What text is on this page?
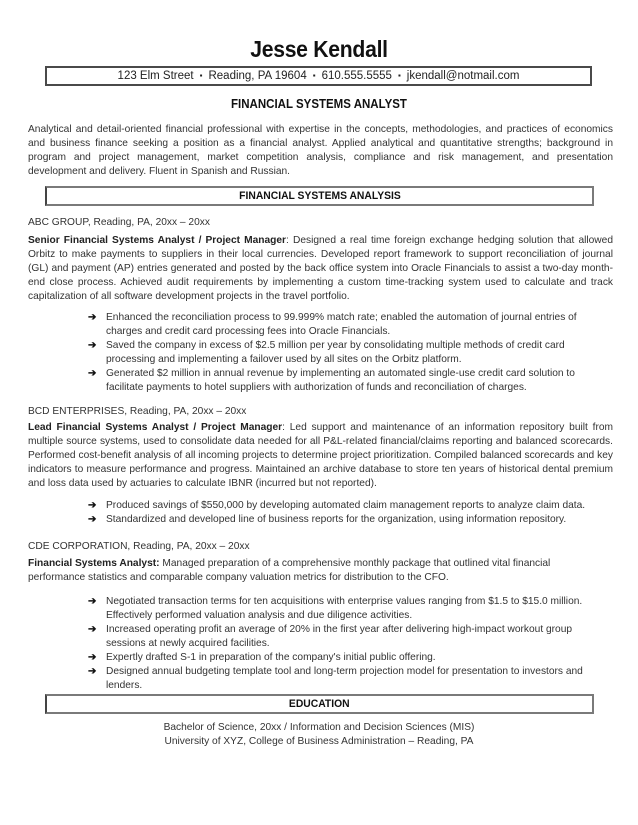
Jesse Kendall
123 Elm Street ▪ Reading, PA 19604 ▪ 610.555.5555 ▪ jkendall@notmail.com
FINANCIAL SYSTEMS ANALYST
Analytical and detail-oriented financial professional with expertise in the concepts, methodologies, and practices of economics and business finance seeking a position as a financial analyst. Applied analytical and quantitative strengths; background in program and project management, market competition analysis, compliance and risk management, and presentation development and delivery. Fluent in Spanish and Russian.
FINANCIAL SYSTEMS ANALYSIS
ABC GROUP, Reading, PA, 20xx – 20xx
Senior Financial Systems Analyst / Project Manager: Designed a real time foreign exchange hedging solution that allowed Orbitz to make payments to suppliers in their local currencies. Developed report framework to support reconciliation of journal (GL) and payment (AP) entries generated and posted by the back office system into Oracle Financials to assist a two-day month-end close process. Achieved audit requirements by implementing a custom time-tracking system used to calculate and track capitalization of all software development projects in the travel portfolio.
➔ Enhanced the reconciliation process to 99.999% match rate; enabled the automation of journal entries of charges and credit card processing fees into Oracle Financials.
➔ Saved the company in excess of $2.5 million per year by consolidating multiple methods of credit card processing and implementing a failover used by all sites on the Orbitz platform.
➔ Generated $2 million in annual revenue by implementing an automated single-use credit card solution to facilitate payments to hotel suppliers with authorization of funds and reconciliation of charges.
BCD ENTERPRISES, Reading, PA, 20xx – 20xx
Lead Financial Systems Analyst / Project Manager: Led support and maintenance of an information repository built from multiple source systems, used to consolidate data needed for all P&L-related financial/claims reporting and balanced scorecards. Performed cost-benefit analysis of all incoming projects to determine project prioritization. Compiled balanced scorecards and key indicators to measure performance and progress. Maintained an archive database to store ten years of historical dental premium and loss data used by actuaries to calculate IBNR (incurred but not reported).
➔ Produced savings of $550,000 by developing automated claim management reports to analyze claim data.
➔ Standardized and developed line of business reports for the organization, using information repository.
CDE CORPORATION, Reading, PA, 20xx – 20xx
Financial Systems Analyst: Managed preparation of a comprehensive monthly package that outlined vital financial performance statistics and comparable company valuation metrics for distribution to the CFO.
➔ Negotiated transaction terms for ten acquisitions with enterprise values ranging from $1.5 to $15.0 million. Effectively performed valuation analysis and due diligence activities.
➔ Increased operating profit an average of 20% in the first year after delivering high-impact workout group sessions at newly acquired facilities.
➔ Expertly drafted S-1 in preparation of the company's initial public offering.
➔ Designed annual budgeting template tool and long-term projection model for presentation to investors and lenders.
EDUCATION
Bachelor of Science, 20xx / Information and Decision Sciences (MIS)
University of XYZ, College of Business Administration – Reading, PA
